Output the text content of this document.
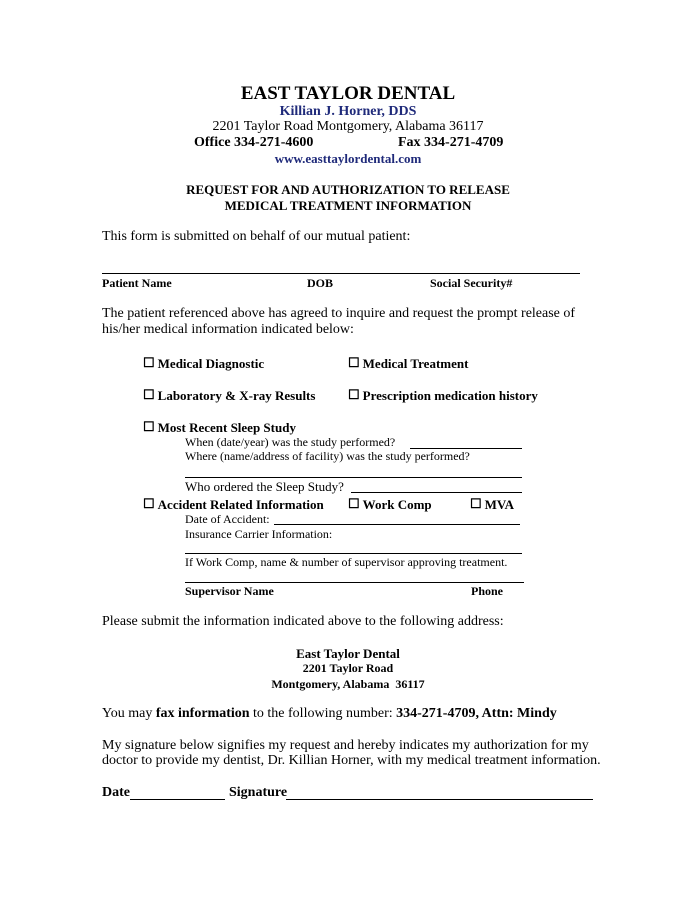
EAST TAYLOR DENTAL
Killian J. Horner, DDS
2201 Taylor Road Montgomery, Alabama 36117
Office 334-271-4600	Fax 334-271-4709
www.easttaylordental.com
REQUEST FOR AND AUTHORIZATION TO RELEASE
MEDICAL TREATMENT INFORMATION
This form is submitted on behalf of our mutual patient:
Patient Name	DOB	Social Security#
The patient referenced above has agreed to inquire and request the prompt release of
his/her medical information indicated below:
☐ Medical Diagnostic	☐ Medical Treatment
☐ Laboratory & X-ray Results	☐ Prescription medication history
☐ Most Recent Sleep Study
When (date/year) was the study performed?
Where (name/address of facility) was the study performed?
Who ordered the Sleep Study?
☐ Accident Related Information ☐ Work Comp	☐ MVA
Date of Accident:
Insurance Carrier Information:
If Work Comp, name & number of supervisor approving treatment.
Supervisor Name	Phone
Please submit the information indicated above to the following address:
East Taylor Dental
2201 Taylor Road
Montgomery, Alabama  36117
You may fax information to the following number: 334-271-4709, Attn: Mindy
My signature below signifies my request and hereby indicates my authorization for my
doctor to provide my dentist, Dr. Killian Horner, with my medical treatment information.
Date	Signature
